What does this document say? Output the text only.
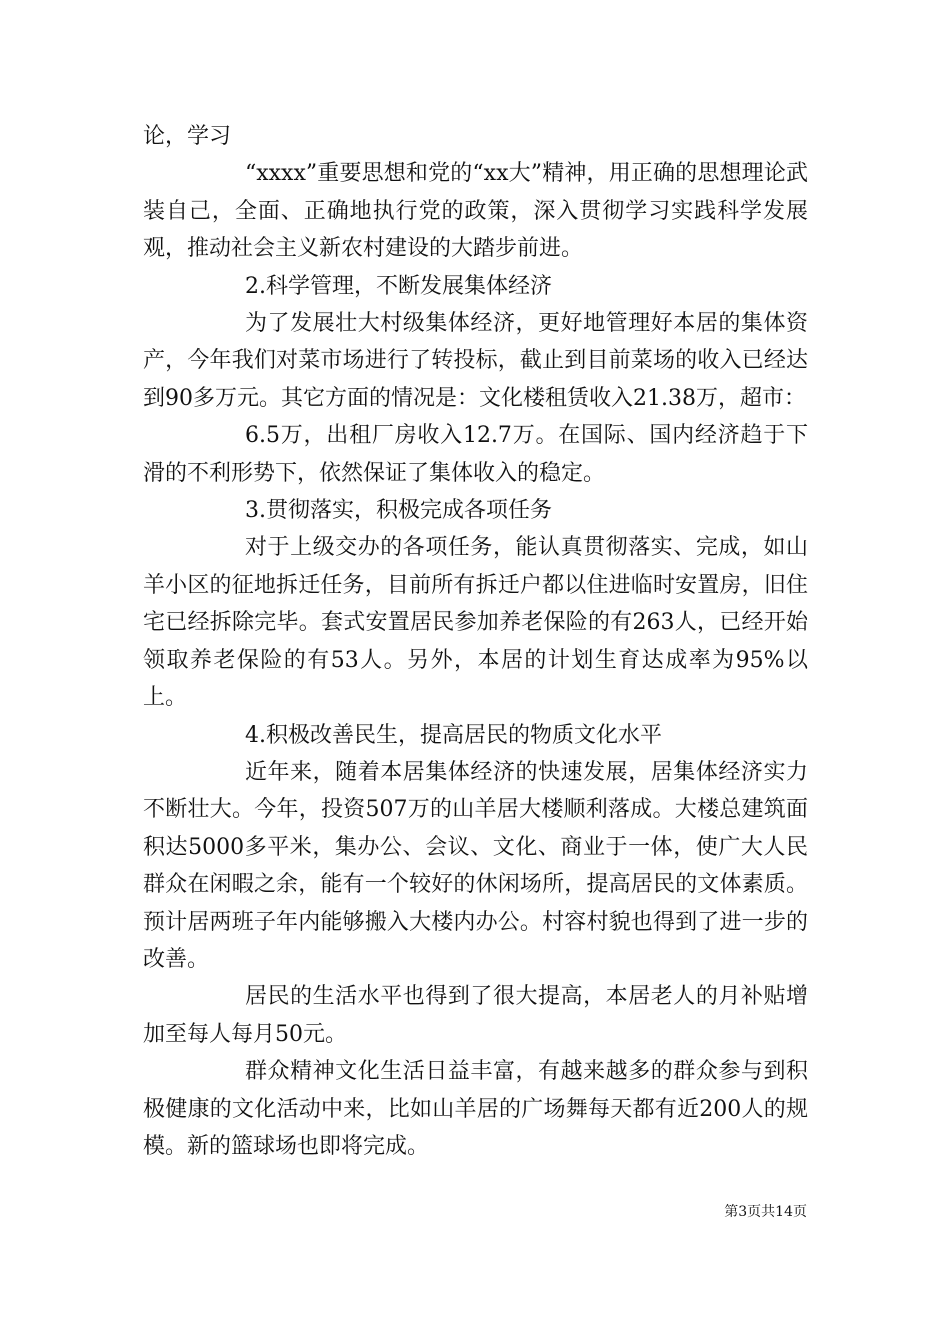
论，学习

“xxxx”重要思想和党的“xx大”精神，用正确的思想理论武装自己，全面、正确地执行党的政策，深入贯彻学习实践科学发展观，推动社会主义新农村建设的大踏步前进。

2.科学管理，不断发展集体经济

为了发展壮大村级集体经济，更好地管理好本居的集体资产，今年我们对菜市场进行了转投标，截止到目前菜场的收入已经达到90多万元。其它方面的情况是：文化楼租赁收入21.38万，超市：

6.5万，出租厂房收入12.7万。在国际、国内经济趋于下滑的不利形势下，依然保证了集体收入的稳定。

3.贯彻落实，积极完成各项任务

对于上级交办的各项任务，能认真贯彻落实、完成，如山羊小区的征地拆迁任务，目前所有拆迁户都以住进临时安置房，旧住宅已经拆除完毕。套式安置居民参加养老保险的有263人，已经开始领取养老保险的有53人。另外，本居的计划生育达成率为95%以上。

4.积极改善民生，提高居民的物质文化水平

近年来，随着本居集体经济的快速发展，居集体经济实力不断壮大。今年，投资507万的山羊居大楼顺利落成。大楼总建筑面积达5000多平米，集办公、会议、文化、商业于一体，使广大人民群众在闲暇之余，能有一个较好的休闲场所，提高居民的文体素质。预计居两班子年内能够搬入大楼内办公。村容村貌也得到了进一步的改善。

居民的生活水平也得到了很大提高，本居老人的月补贴增加至每人每月50元。

群众精神文化生活日益丰富，有越来越多的群众参与到积极健康的文化活动中来，比如山羊居的广场舞每天都有近200人的规模。新的篮球场也即将完成。

第3页共14页
